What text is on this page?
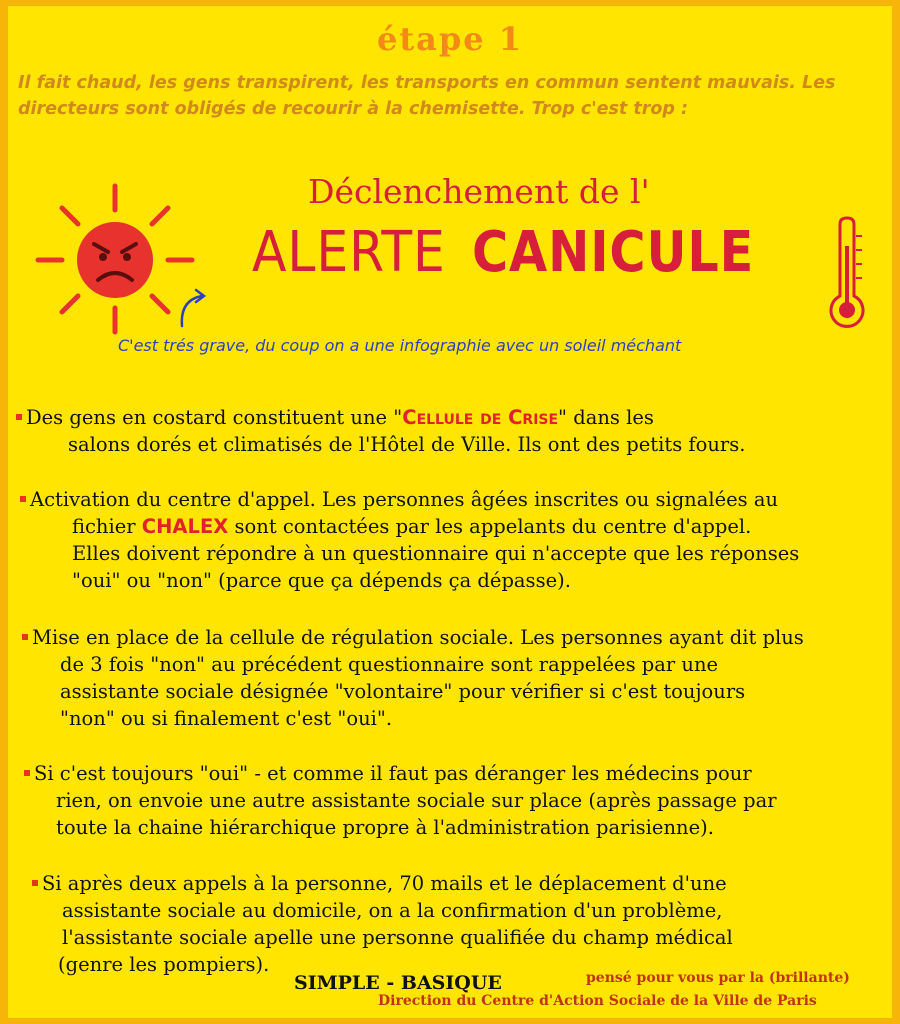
étape 1
Il fait chaud, les gens transpirent, les transports en commun sentent mauvais. Les directeurs sont obligés de recourir à la chemisette. Trop c'est trop :
Déclenchement de l'
ALERTE CANICULE
C'est trés grave, du coup on a une infographie avec un soleil méchant
Des gens en costard constituent une "Cellule de Crise" dans les
salons dorés et climatisés de l'Hôtel de Ville. Ils ont des petits fours.
Activation du centre d'appel. Les personnes âgées inscrites ou signalées au
fichier CHALEX sont contactées par les appelants du centre d'appel.
Elles doivent répondre à un questionnaire qui n'accepte que les réponses
"oui" ou "non" (parce que ça dépends ça dépasse).
Mise en place de la cellule de régulation sociale. Les personnes ayant dit plus
de 3 fois "non" au précédent questionnaire sont rappelées par une
assistante sociale désignée "volontaire" pour vérifier si c'est toujours
"non" ou si finalement c'est "oui".
Si c'est toujours "oui" - et comme il faut pas déranger les médecins pour
rien, on envoie une autre assistante sociale sur place (après passage par
toute la chaine hiérarchique propre à l'administration parisienne).
Si après deux appels à la personne, 70 mails et le déplacement d'une
assistante sociale au domicile, on a la confirmation d'un problème,
l'assistante sociale apelle une personne qualifiée du champ médical
(genre les pompiers).
SIMPLE - BASIQUE	pensé pour vous par la (brillante)
Direction du Centre d'Action Sociale de la Ville de Paris
